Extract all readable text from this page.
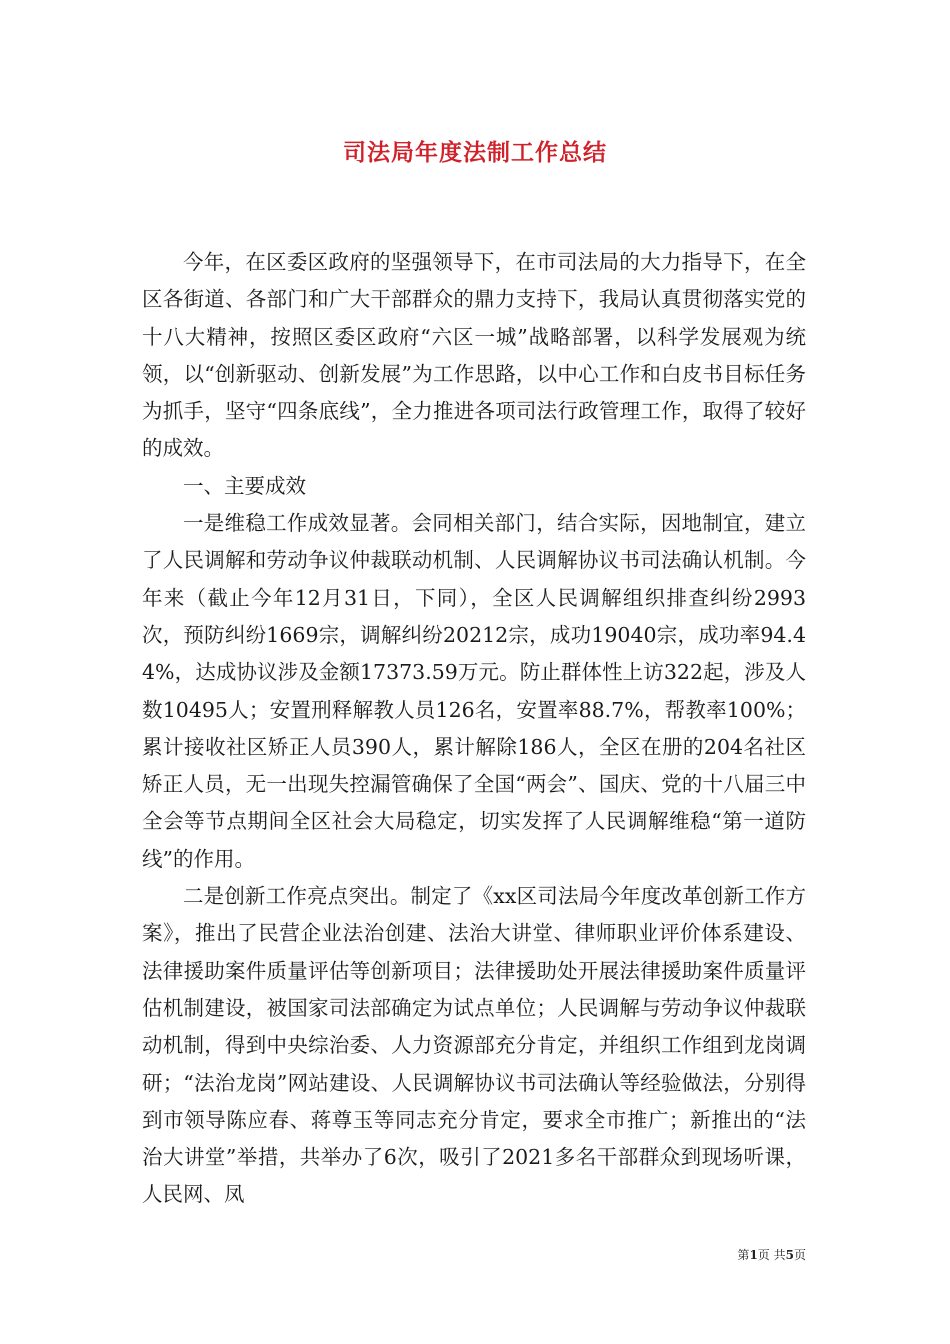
司法局年度法制工作总结

今年，在区委区政府的坚强领导下，在市司法局的大力指导下，在全区各街道、各部门和广大干部群众的鼎力支持下，我局认真贯彻落实党的十八大精神，按照区委区政府“六区一城”战略部署，以科学发展观为统领，以“创新驱动、创新发展”为工作思路，以中心工作和白皮书目标任务为抓手，坚守“四条底线”，全力推进各项司法行政管理工作，取得了较好的成效。

一、主要成效

一是维稳工作成效显著。会同相关部门，结合实际，因地制宜，建立了人民调解和劳动争议仲裁联动机制、人民调解协议书司法确认机制。今年来（截止今年12月31日，下同），全区人民调解组织排查纠纷2993次，预防纠纷1669宗，调解纠纷20212宗，成功19040宗，成功率94.44%，达成协议涉及金额17373.59万元。防止群体性上访322起，涉及人数10495人；安置刑释解教人员126名，安置率88.7%，帮教率100%；累计接收社区矫正人员390人，累计解除186人，全区在册的204名社区矫正人员，无一出现失控漏管确保了全国“两会”、国庆、党的十八届三中全会等节点期间全区社会大局稳定，切实发挥了人民调解维稳“第一道防线”的作用。

二是创新工作亮点突出。制定了《xx区司法局今年度改革创新工作方案》，推出了民营企业法治创建、法治大讲堂、律师职业评价体系建设、法律援助案件质量评估等创新项目；法律援助处开展法律援助案件质量评估机制建设，被国家司法部确定为试点单位；人民调解与劳动争议仲裁联动机制，得到中央综治委、人力资源部充分肯定，并组织工作组到龙岗调研；“法治龙岗”网站建设、人民调解协议书司法确认等经验做法，分别得到市领导陈应春、蒋尊玉等同志充分肯定，要求全市推广；新推出的“法治大讲堂”举措，共举办了6次，吸引了2021多名干部群众到现场听课，人民网、凤

第1页 共5页
